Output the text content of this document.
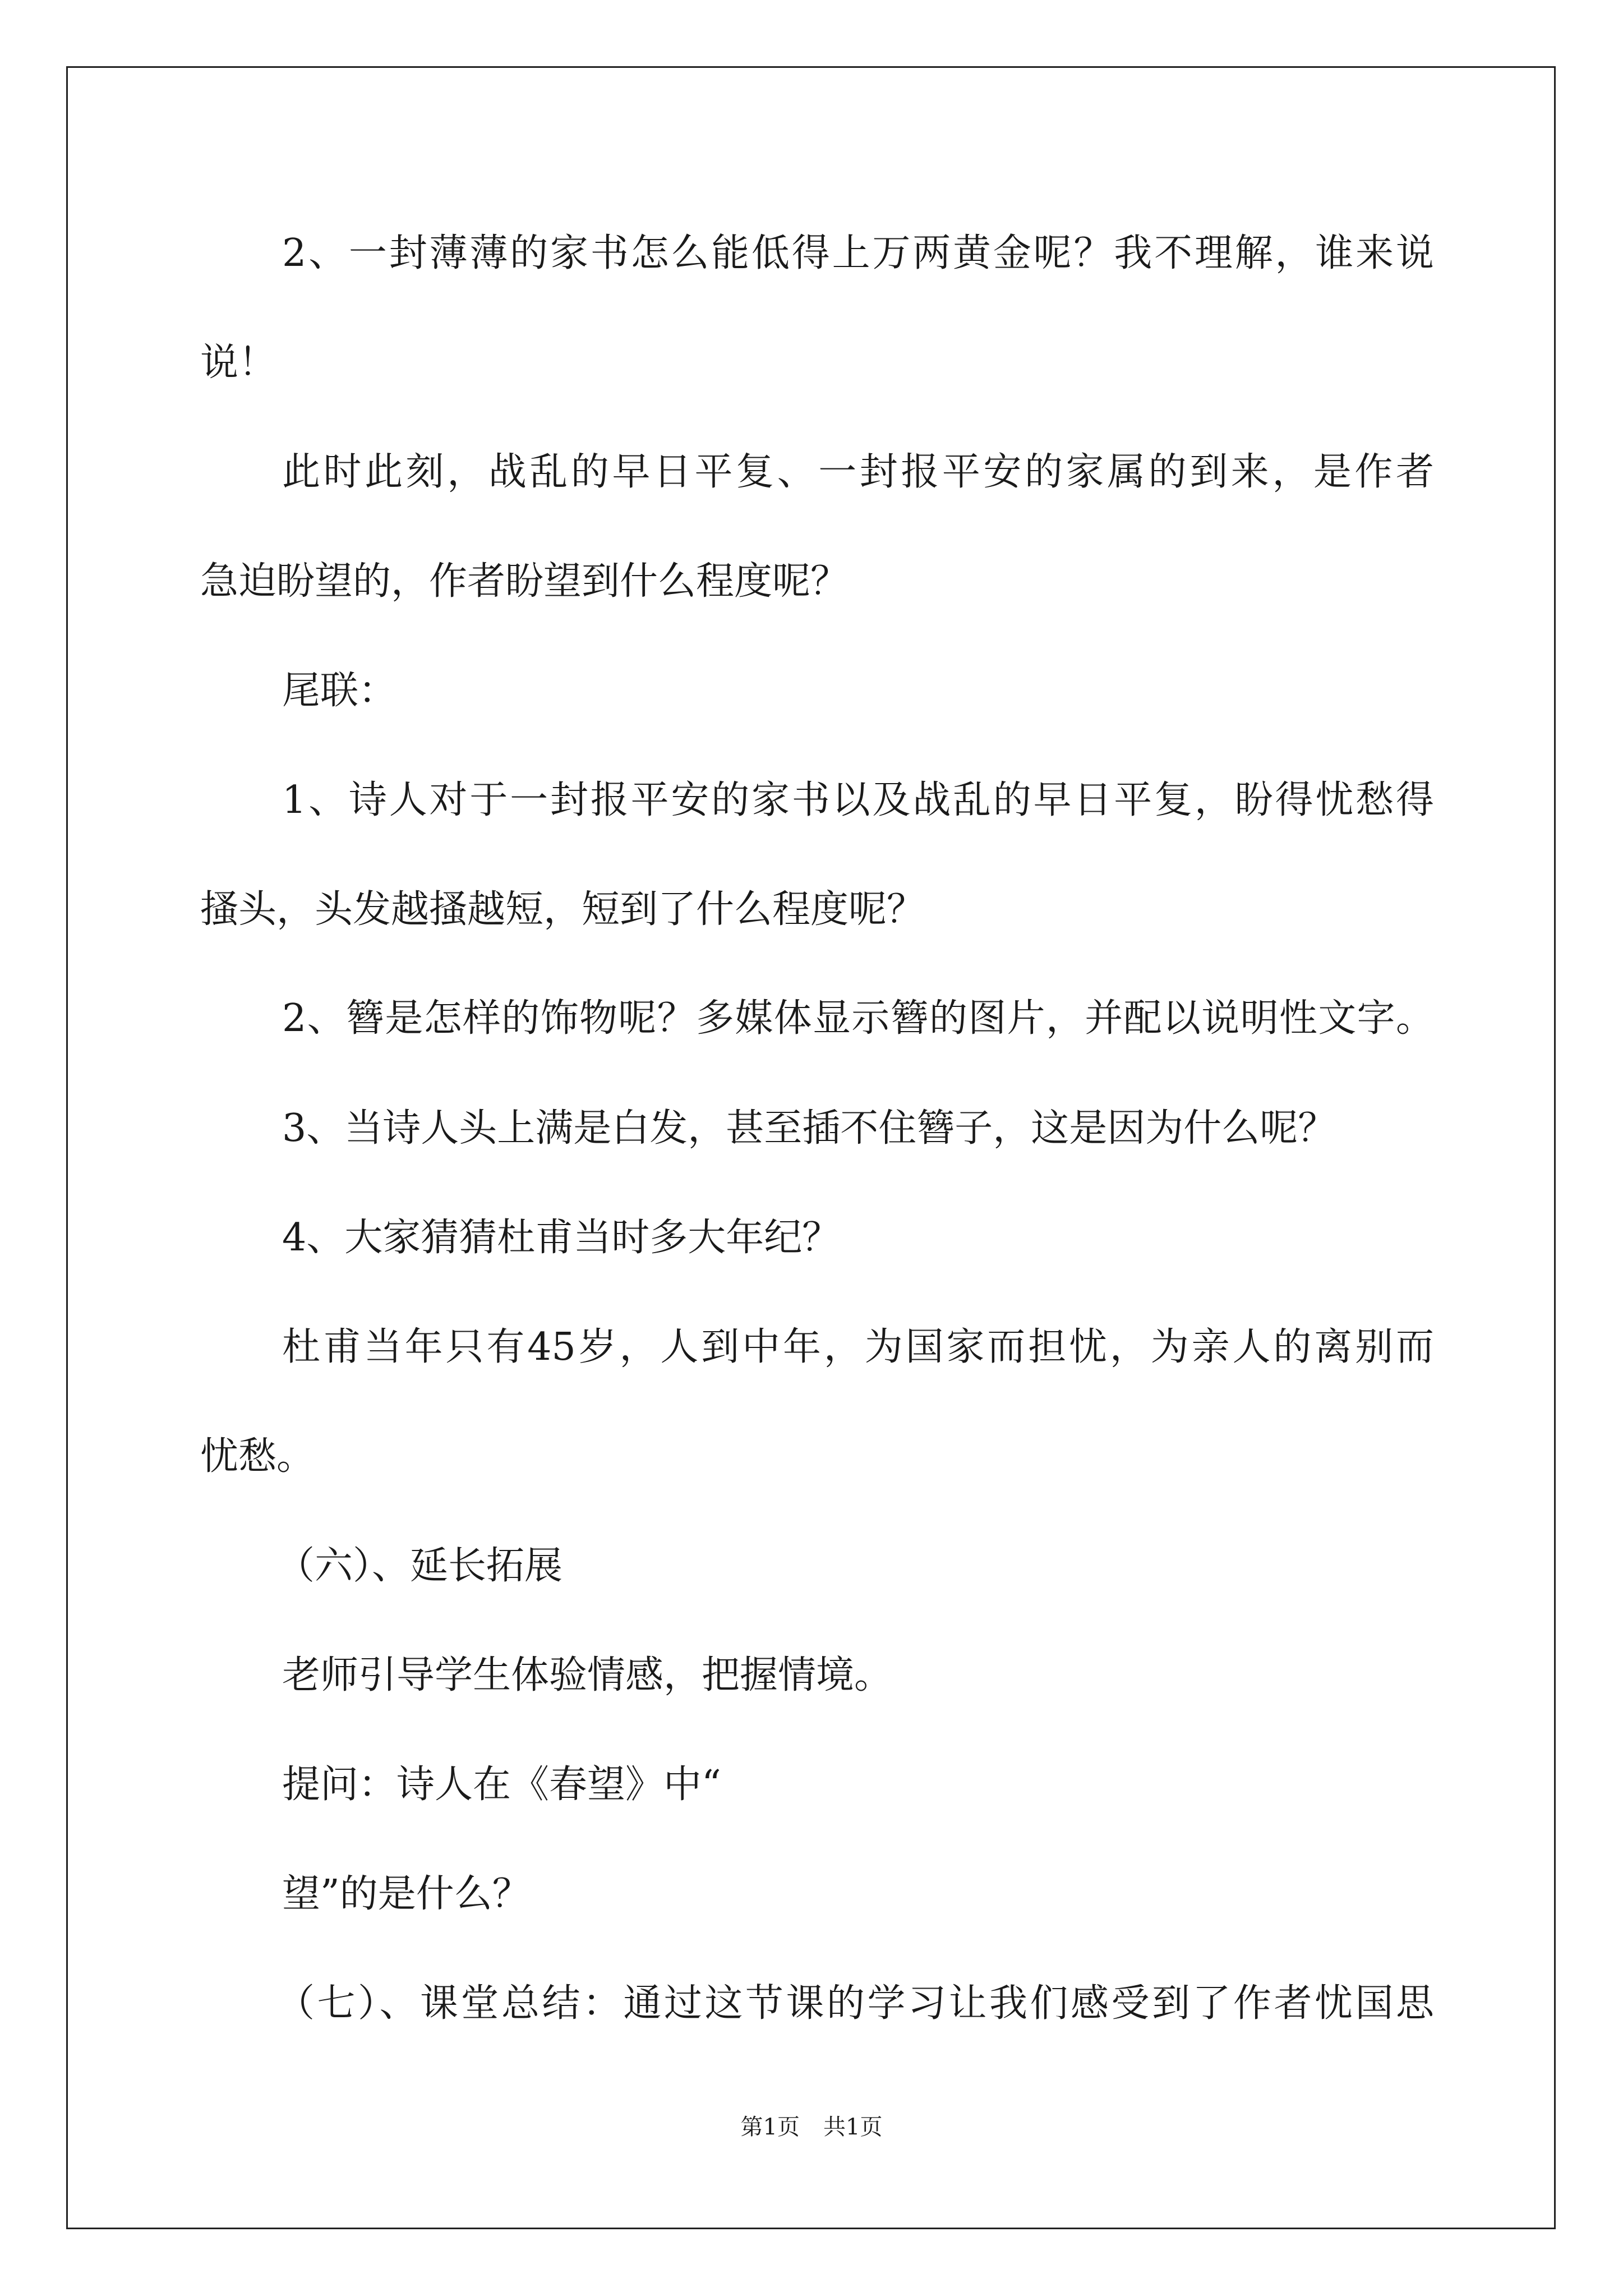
2、一封薄薄的家书怎么能低得上万两黄金呢？我不理解，谁来说
说！
此时此刻，战乱的早日平复、一封报平安的家属的到来，是作者
急迫盼望的，作者盼望到什么程度呢？
尾联：
1、诗人对于一封报平安的家书以及战乱的早日平复，盼得忧愁得
搔头，头发越搔越短，短到了什么程度呢？
2、簪是怎样的饰物呢？多媒体显示簪的图片，并配以说明性文字。
3、当诗人头上满是白发，甚至插不住簪子，这是因为什么呢？
4、大家猜猜杜甫当时多大年纪？
杜甫当年只有45岁，人到中年，为国家而担忧，为亲人的离别而
忧愁。
（六）、延长拓展
老师引导学生体验情感，把握情境。
提问：诗人在《春望》中“
望”的是什么？
（七）、课堂总结：通过这节课的学习让我们感受到了作者忧国思
第1页 共1页
